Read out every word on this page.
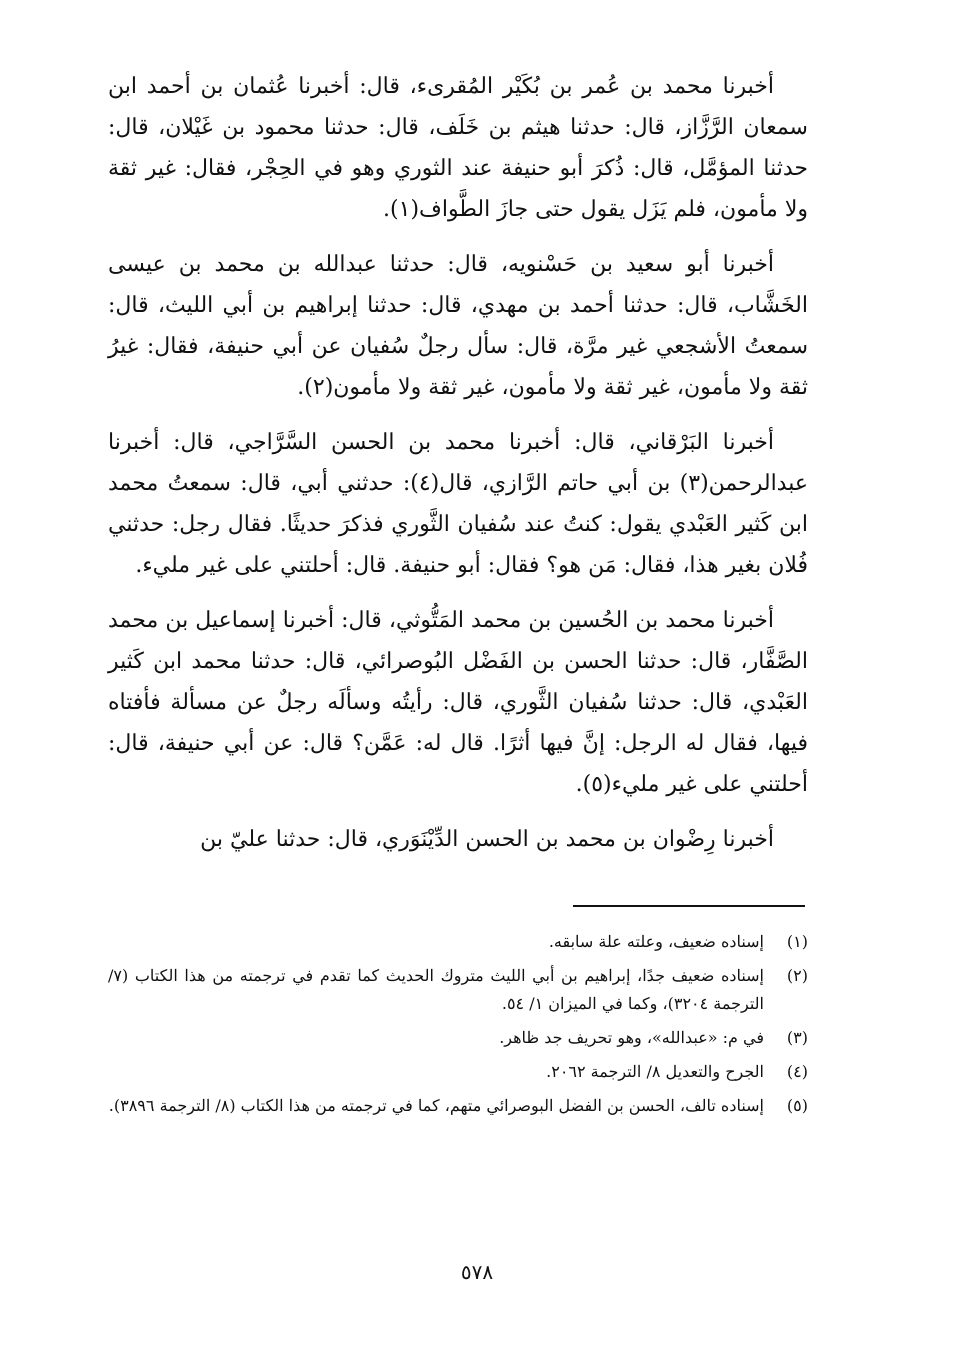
أخبرنا محمد بن عُمر بن بُكَيْر المُقرىء، قال: أخبرنا عُثمان بن أحمد ابن سمعان الرَّزَّاز، قال: حدثنا هيثم بن خَلَف، قال: حدثنا محمود بن غَيْلان، قال: حدثنا المؤمَّل، قال: ذُكرَ أبو حنيفة عند الثوري وهو في الحِجْر، فقال: غير ثقة ولا مأمون، فلم يَزَل يقول حتى جازَ الطَّواف(١).

أخبرنا أبو سعيد بن حَسْنويه، قال: حدثنا عبدالله بن محمد بن عيسى الخَشَّاب، قال: حدثنا أحمد بن مهدي، قال: حدثنا إبراهيم بن أبي الليث، قال: سمعتُ الأشجعي غير مرَّة، قال: سأل رجلٌ سُفيان عن أبي حنيفة، فقال: غيرُ ثقة ولا مأمون، غير ثقة ولا مأمون، غير ثقة ولا مأمون(٢).

أخبرنا البَرْقاني، قال: أخبرنا محمد بن الحسن السَّرَّاجي، قال: أخبرنا عبدالرحمن(٣) بن أبي حاتم الرَّازي، قال(٤): حدثني أبي، قال: سمعتُ محمد ابن كَثير العَبْدي يقول: كنتُ عند سُفيان الثَّوري فذكرَ حديثًا. فقال رجل: حدثني فُلان بغير هذا، فقال: مَن هو؟ فقال: أبو حنيفة. قال: أحلتني على غير مليء.

أخبرنا محمد بن الحُسين بن محمد المَتُّوثي، قال: أخبرنا إسماعيل بن محمد الصَّفَّار، قال: حدثنا الحسن بن الفَضْل البُوصرائي، قال: حدثنا محمد ابن كَثير العَبْدي، قال: حدثنا سُفيان الثَّوري، قال: رأيتُه وسألَه رجلٌ عن مسألة فأفتاه فيها، فقال له الرجل: إنَّ فيها أثرًا. قال له: عَمَّن؟ قال: عن أبي حنيفة، قال: أحلتني على غير مليء(٥).

أخبرنا رِضْوان بن محمد بن الحسن الدِّيْنَوَري، قال: حدثنا عليّ بن

(١)
إسناده ضعيف، وعلته علة سابقه.
(٢)
إسناده ضعيف جدًا، إبراهيم بن أبي الليث متروك الحديث كما تقدم في ترجمته من هذا الكتاب (٧/ الترجمة ٣٢٠٤)، وكما في الميزان ١/ ٥٤.
(٣)
في م: «عبدالله»، وهو تحريف جد ظاهر.
(٤)
الجرح والتعديل ٨/ الترجمة ٢٠٦٢.
(٥)
إسناده تالف، الحسن بن الفضل البوصرائي متهم، كما في ترجمته من هذا الكتاب (٨/ الترجمة ٣٨٩٦).
٥٧٨
